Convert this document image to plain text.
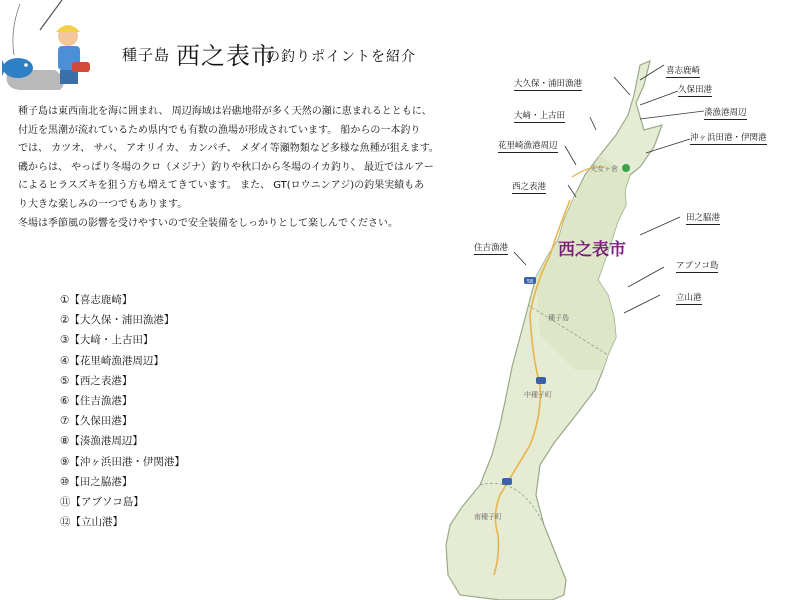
種子島 西之表市
の釣りポイントを紹介

種子島は東西南北を海に囲まれ、 周辺海域は岩礁地帯が多く天然の瀬に恵まれるとともに、

付近を黒潮が流れているため県内でも有数の漁場が形成されています。 船からの一本釣り

では、 カツオ、 サバ、 アオリイカ、 カンパチ、 メダイ等瀬物類など多様な魚種が狙えます。

磯からは、 やっぱり冬場のクロ（メジナ）釣りや秋口から冬場のイカ釣り、 最近ではルアー

によるヒラスズキを狙う方も増えてきています。 また、 GT(ロウニンアジ)の釣果実績もあ

り大きな楽しみの一つでもあります。

冬場は季節風の影響を受けやすいので安全装備をしっかりとして楽しんでください。

①【喜志鹿崎】
②【大久保・浦田漁港】
③【大﨑・上古田】
④【花里崎漁港周辺】
⑤【西之表港】
⑥【住吉漁港】
⑦【久保田港】
⑧【湊漁港周辺】
⑨【沖ヶ浜田港・伊関港】
⑩【田之脇港】
⑪【アブソコ島】
⑫【立山港】
天女ヶ倉
58
種子島
中種子町
南種子町
西之表市
喜志鹿崎
大久保・浦田漁港
久保田港
湊漁港周辺
大﨑・上古田
沖ヶ浜田港・伊関港
花里崎漁港周辺
西之表港
田之脇港
住吉漁港
アブソコ島
立山港
